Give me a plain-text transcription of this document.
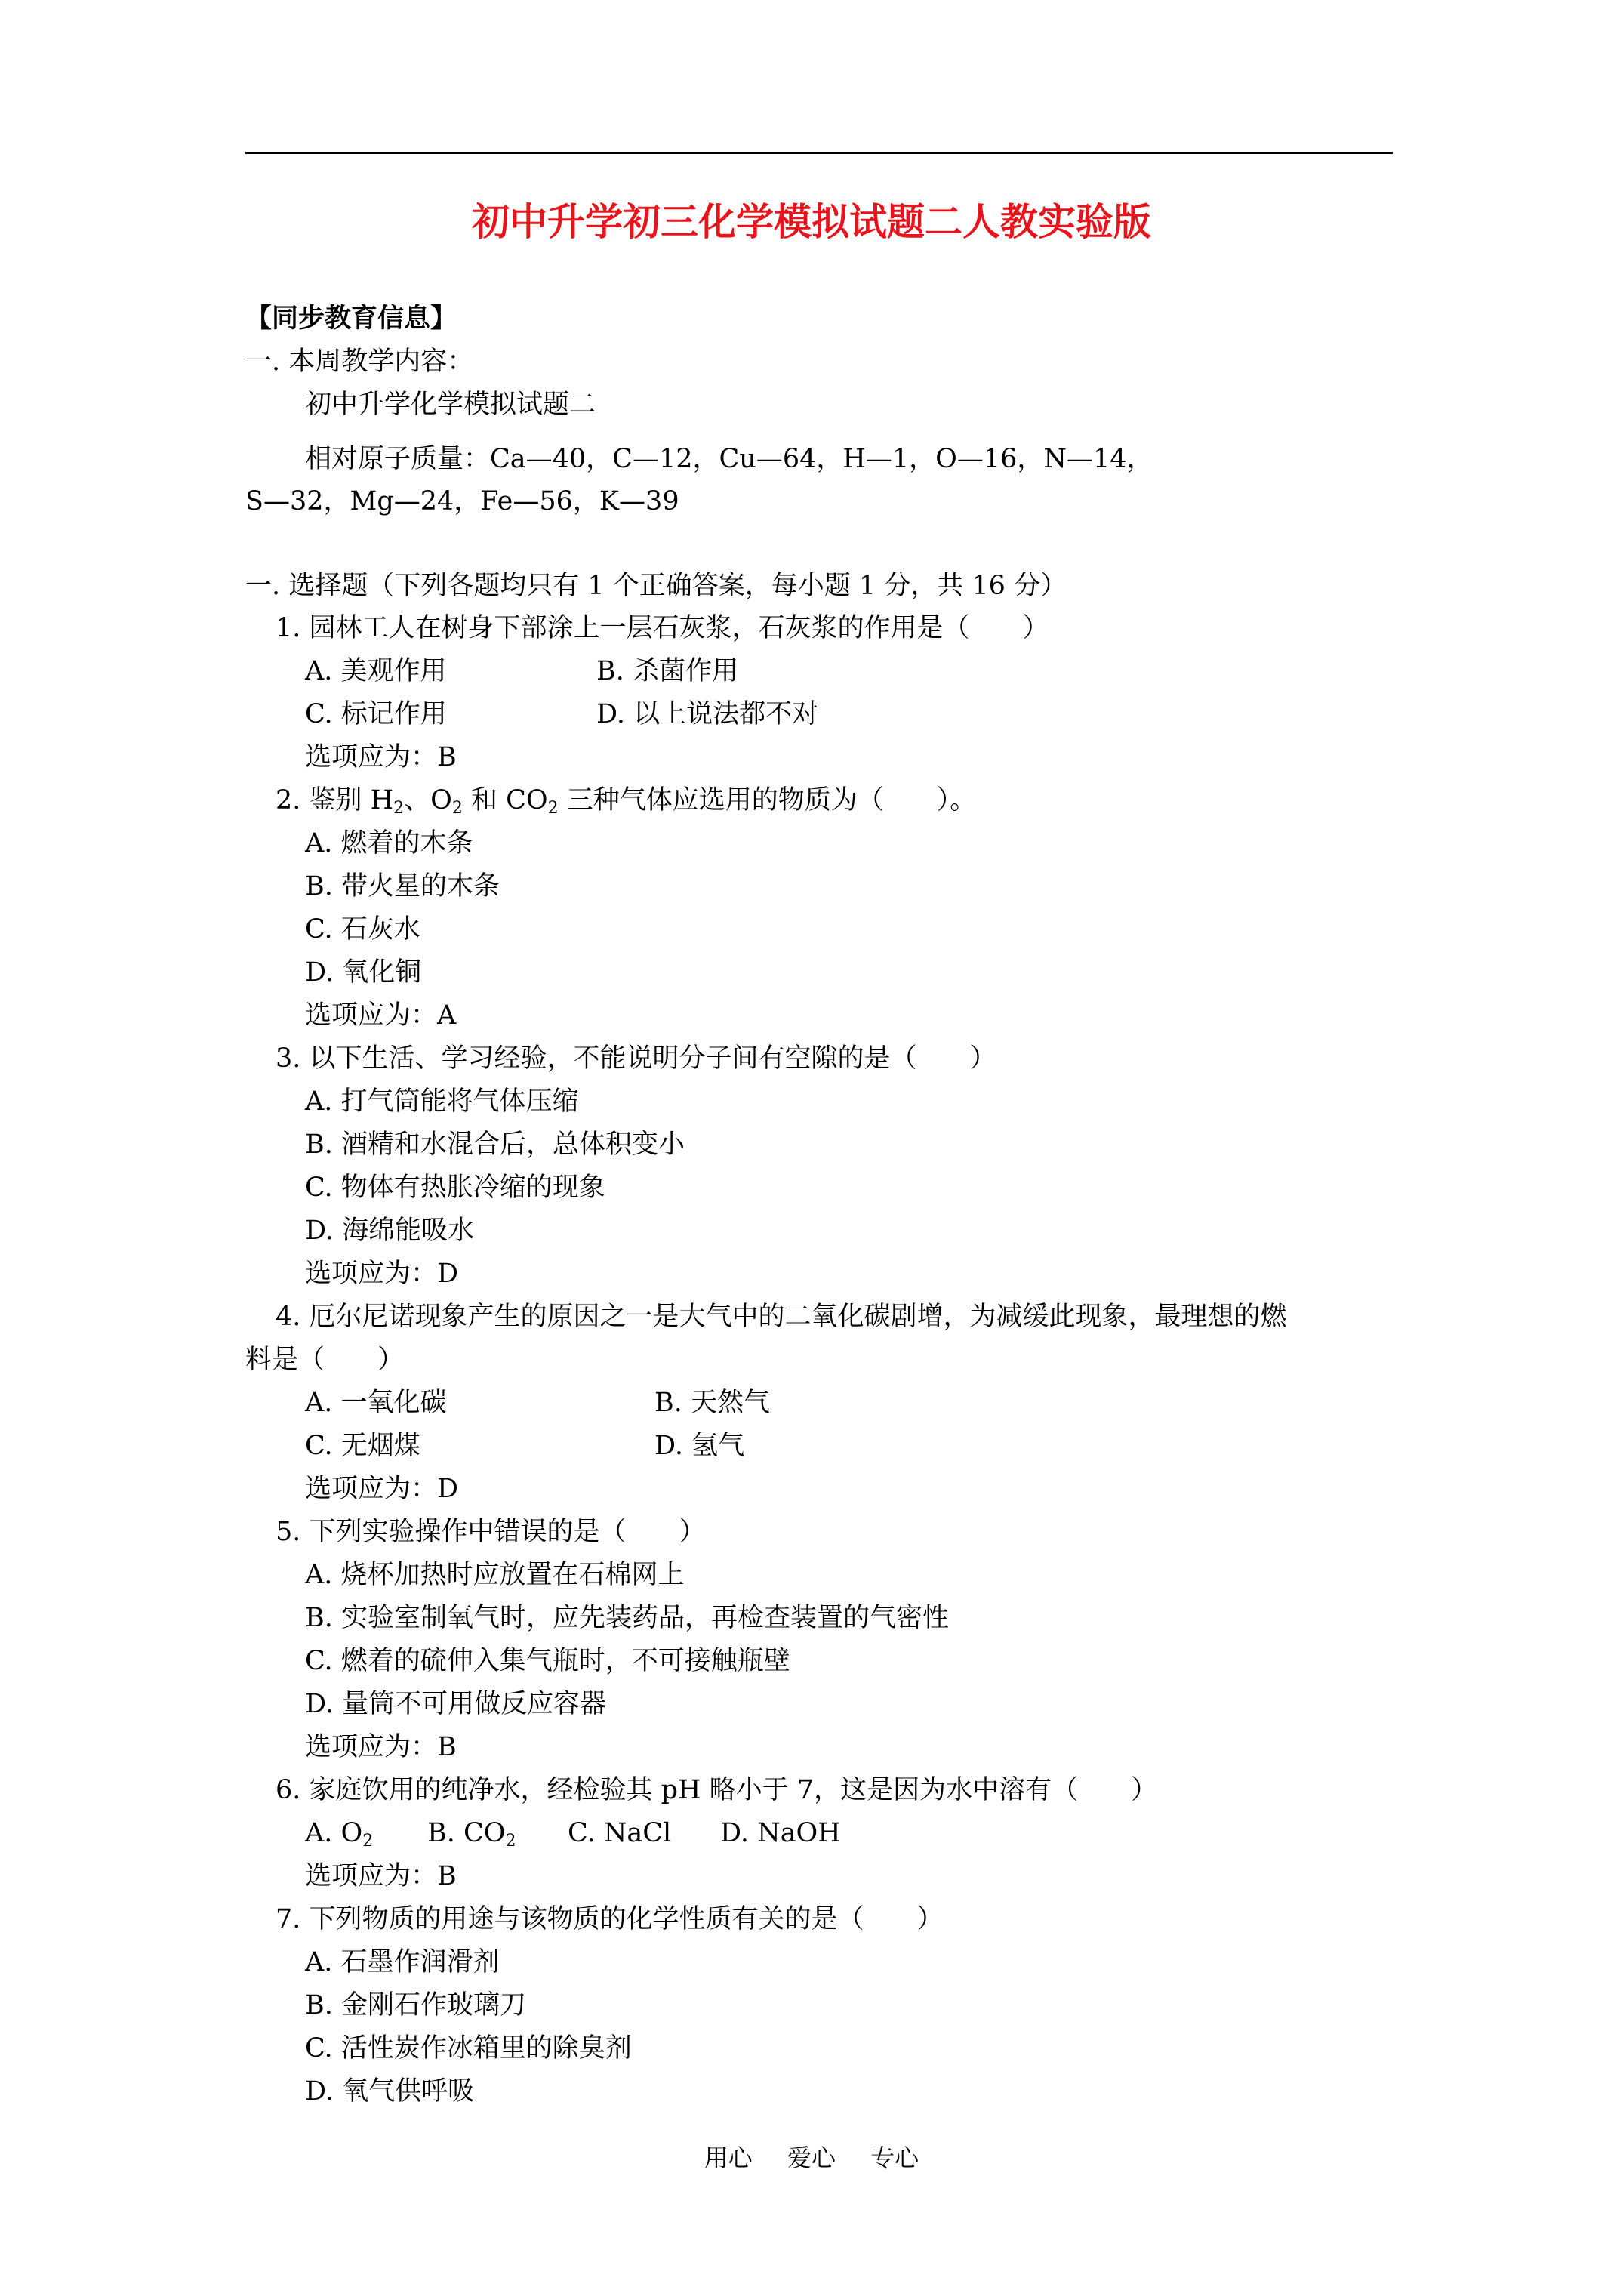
初中升学初三化学模拟试题二人教实验版
【同步教育信息】
一. 本周教学内容：
初中升学化学模拟试题二
相对原子质量：Ca—40，C—12，Cu—64，H—1，O—16，N—14，
S—32，Mg—24，Fe—56，K—39
一. 选择题（下列各题均只有 1 个正确答案，每小题 1 分，共 16 分）
1. 园林工人在树身下部涂上一层石灰浆，石灰浆的作用是（　　）
A. 美观作用	B. 杀菌作用
C. 标记作用	D. 以上说法都不对
选项应为：B
2. 鉴别 $H_2$、$O_2$ 和 $CO_2$ 三种气体应选用的物质为（　　）。
A. 燃着的木条
B. 带火星的木条
C. 石灰水
D. 氧化铜
选项应为：A
3. 以下生活、学习经验，不能说明分子间有空隙的是（　　）
A. 打气筒能将气体压缩
B. 酒精和水混合后，总体积变小
C. 物体有热胀冷缩的现象
D. 海绵能吸水
选项应为：D
4. 厄尔尼诺现象产生的原因之一是大气中的二氧化碳剧增，为减缓此现象，最理想的燃
料是（　　）
A. 一氧化碳	B. 天然气
C. 无烟煤	D. 氢气
选项应为：D
5. 下列实验操作中错误的是（　　）
A. 烧杯加热时应放置在石棉网上
B. 实验室制氧气时，应先装药品，再检查装置的气密性
C. 燃着的硫伸入集气瓶时，不可接触瓶壁
D. 量筒不可用做反应容器
选项应为：B
6. 家庭饮用的纯净水，经检验其 pH 略小于 7，这是因为水中溶有（　　）
A. $O_2$ B. $CO_2$ C. NaCl D. NaOH
选项应为：B
7. 下列物质的用途与该物质的化学性质有关的是（　　）
A. 石墨作润滑剂
B. 金刚石作玻璃刀
C. 活性炭作冰箱里的除臭剂
D. 氧气供呼吸
用心 爱心 专心
